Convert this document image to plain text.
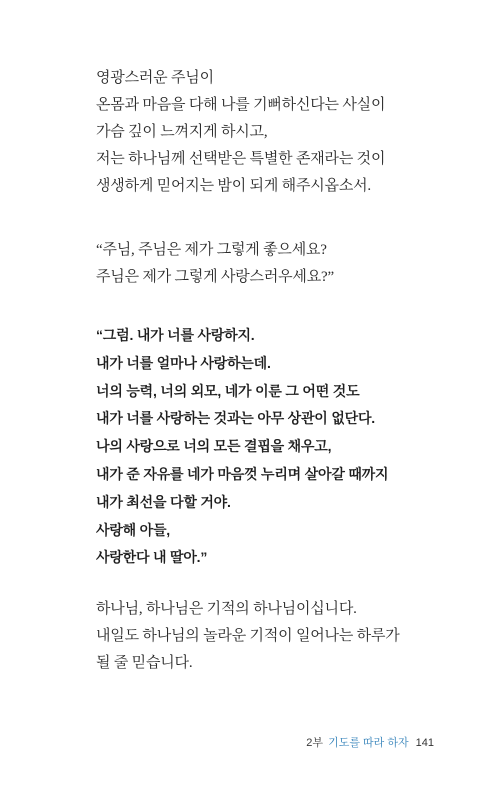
영광스러운 주님이
온몸과 마음을 다해 나를 기뻐하신다는 사실이
가슴 깊이 느껴지게 하시고,
저는 하나님께 선택받은 특별한 존재라는 것이
생생하게 믿어지는 밤이 되게 해주시옵소서.
“주님, 주님은 제가 그렇게 좋으세요?
주님은 제가 그렇게 사랑스러우세요?”
“그럼. 내가 너를 사랑하지.
내가 너를 얼마나 사랑하는데.
너의 능력, 너의 외모, 네가 이룬 그 어떤 것도
내가 너를 사랑하는 것과는 아무 상관이 없단다.
나의 사랑으로 너의 모든 결핍을 채우고,
내가 준 자유를 네가 마음껏 누리며 살아갈 때까지
내가 최선을 다할 거야.
사랑해 아들,
사랑한다 내 딸아.”
하나님, 하나님은 기적의 하나님이십니다.
내일도 하나님의 놀라운 기적이 일어나는 하루가
될 줄 믿습니다.
2부 기도를 따라 하자 141
